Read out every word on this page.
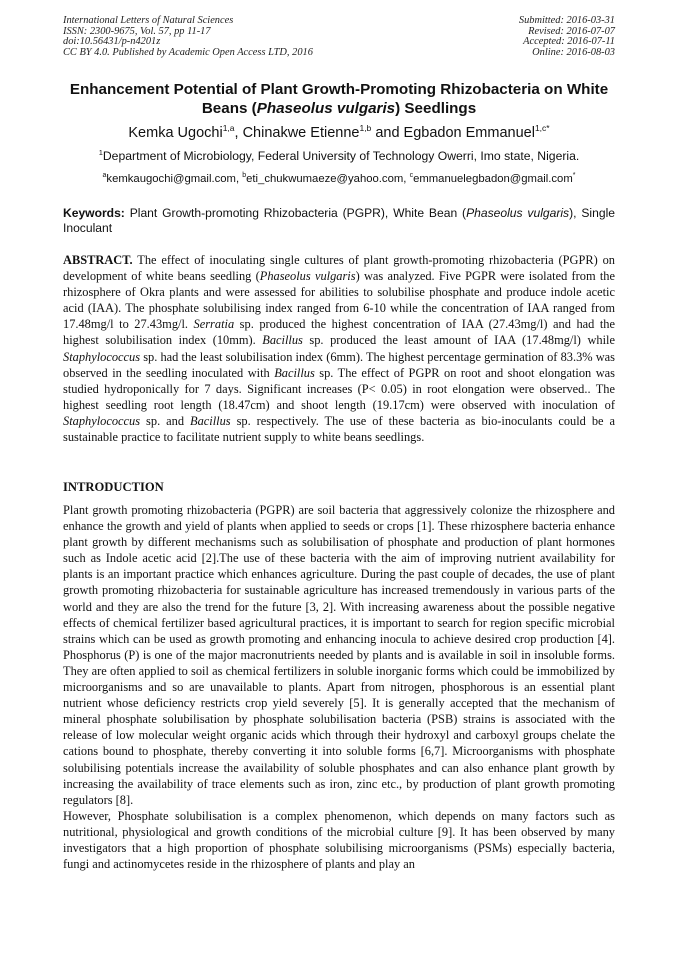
International Letters of Natural Sciences
ISSN: 2300-9675, Vol. 57, pp 11-17
doi:10.56431/p-n4201z
CC BY 4.0. Published by Academic Open Access LTD, 2016
Submitted: 2016-03-31
Revised: 2016-07-07
Accepted: 2016-07-11
Online: 2016-08-03
Enhancement Potential of Plant Growth-Promoting Rhizobacteria on White Beans (Phaseolus vulgaris) Seedlings
Kemka Ugochi$^{1,a}$, Chinakwe Etienne$^{1,b}$ and Egbadon Emmanuel$^{1,c*}$
$^1$Department of Microbiology, Federal University of Technology Owerri, Imo state, Nigeria.
$^a$kemkaugochi@gmail.com, $^b$eti_chukwumaeze@yahoo.com, $^c$emmanuelegbadon@gmail.com*
Keywords: Plant Growth-promoting Rhizobacteria (PGPR), White Bean (Phaseolus vulgaris), Single Inoculant
ABSTRACT. The effect of inoculating single cultures of plant growth-promoting rhizobacteria (PGPR) on development of white beans seedling (Phaseolus vulgaris) was analyzed. Five PGPR were isolated from the rhizosphere of Okra plants and were assessed for abilities to solubilise phosphate and produce indole acetic acid (IAA). The phosphate solubilising index ranged from 6-10 while the concentration of IAA ranged from 17.48mg/l to 27.43mg/l. Serratia sp. produced the highest concentration of IAA (27.43mg/l) and had the highest solubilisation index (10mm). Bacillus sp. produced the least amount of IAA (17.48mg/l) while Staphylococcus sp. had the least solubilisation index (6mm). The highest percentage germination of 83.3% was observed in the seedling inoculated with Bacillus sp. The effect of PGPR on root and shoot elongation was studied hydroponically for 7 days. Significant increases (P< 0.05) in root elongation were observed.. The highest seedling root length (18.47cm) and shoot length (19.17cm) were observed with inoculation of Staphylococcus sp. and Bacillus sp. respectively. The use of these bacteria as bio-inoculants could be a sustainable practice to facilitate nutrient supply to white beans seedlings.
INTRODUCTION

Plant growth promoting rhizobacteria (PGPR) are soil bacteria that aggressively colonize the rhizosphere and enhance the growth and yield of plants when applied to seeds or crops [1]. These rhizosphere bacteria enhance plant growth by different mechanisms such as solubilisation of phosphate and production of plant hormones such as Indole acetic acid [2].The use of these bacteria with the aim of improving nutrient availability for plants is an important practice which enhances agriculture. During the past couple of decades, the use of plant growth promoting rhizobacteria for sustainable agriculture has increased tremendously in various parts of the world and they are also the trend for the future [3, 2]. With increasing awareness about the possible negative effects of chemical fertilizer based agricultural practices, it is important to search for region specific microbial strains which can be used as growth promoting and enhancing inocula to achieve desired crop production [4]. Phosphorus (P) is one of the major macronutrients needed by plants and is available in soil in insoluble forms. They are often applied to soil as chemical fertilizers in soluble inorganic forms which could be immobilized by microorganisms and so are unavailable to plants. Apart from nitrogen, phosphorous is an essential plant nutrient whose deficiency restricts crop yield severely [5]. It is generally accepted that the mechanism of mineral phosphate solubilisation by phosphate solubilisation bacteria (PSB) strains is associated with the release of low molecular weight organic acids which through their hydroxyl and carboxyl groups chelate the cations bound to phosphate, thereby converting it into soluble forms [6,7]. Microorganisms with phosphate solubilising potentials increase the availability of soluble phosphates and can also enhance plant growth by increasing the availability of trace elements such as iron, zinc etc., by production of plant growth promoting regulators [8].

However, Phosphate solubilisation is a complex phenomenon, which depends on many factors such as nutritional, physiological and growth conditions of the microbial culture [9]. It has been observed by many investigators that a high proportion of phosphate solubilising microorganisms (PSMs) especially bacteria, fungi and actinomycetes reside in the rhizosphere of plants and play an
